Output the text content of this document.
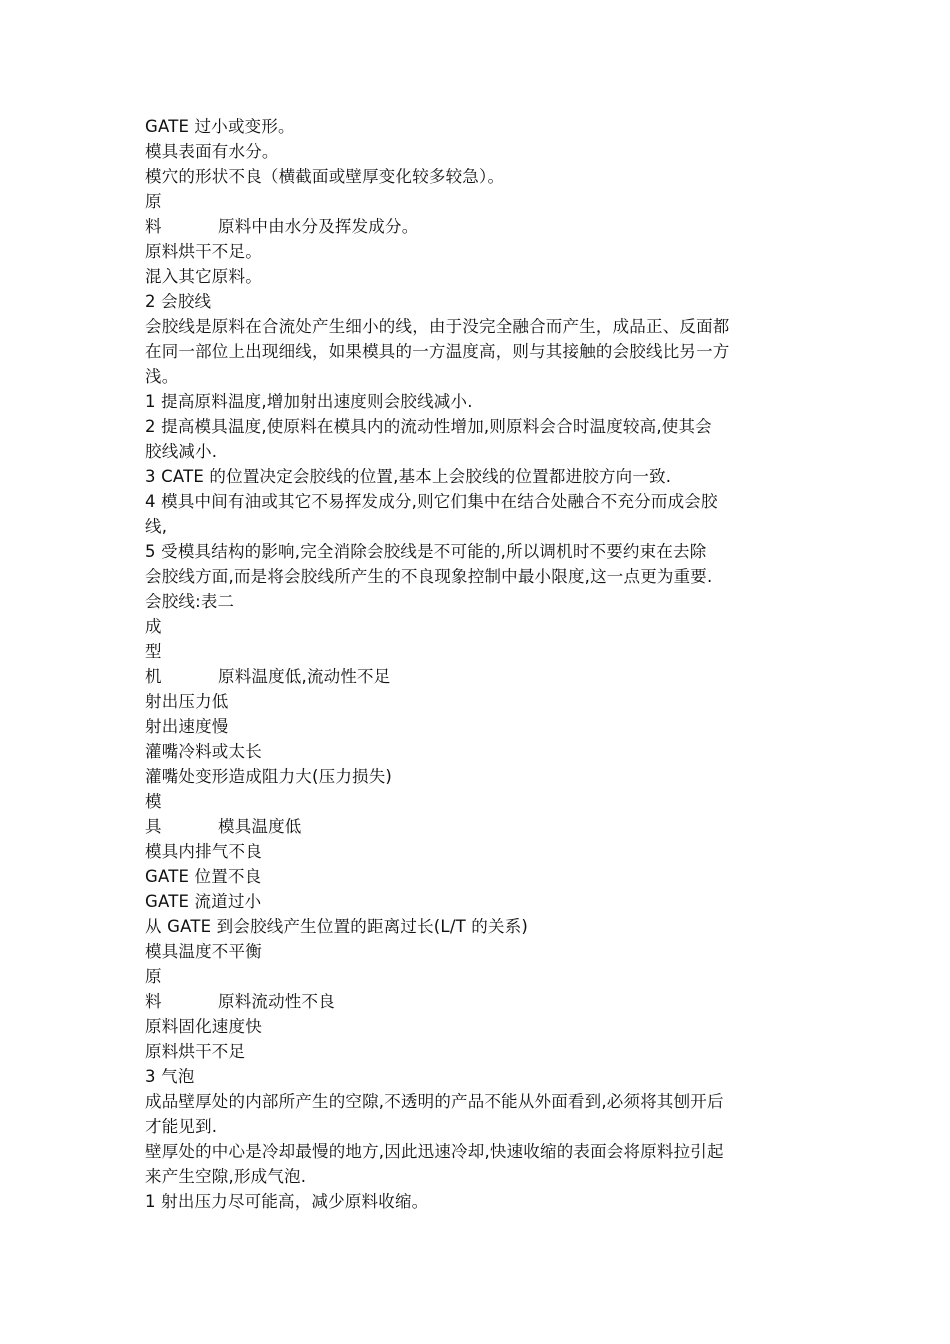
GATE 过小或变形。
模具表面有水分。
模穴的形状不良（横截面或壁厚变化较多较急）。
原
料	原料中由水分及挥发成分。
原料烘干不足。
混入其它原料。
2 会胶线
会胶线是原料在合流处产生细小的线，由于没完全融合而产生，成品正、反面都
在同一部位上出现细线，如果模具的一方温度高，则与其接触的会胶线比另一方
浅。
1 提高原料温度,增加射出速度则会胶线减小.
2 提高模具温度,使原料在模具内的流动性增加,则原料会合时温度较高,使其会
胶线减小.
3 CATE 的位置决定会胶线的位置,基本上会胶线的位置都进胶方向一致.
4 模具中间有油或其它不易挥发成分,则它们集中在结合处融合不充分而成会胶
线,
5 受模具结构的影响,完全消除会胶线是不可能的,所以调机时不要约束在去除
会胶线方面,而是将会胶线所产生的不良现象控制中最小限度,这一点更为重要.
会胶线:表二
成
型
机	原料温度低,流动性不足
射出压力低
射出速度慢
灌嘴冷料或太长
灌嘴处变形造成阻力大(压力损失)
模
具	模具温度低
模具内排气不良
GATE 位置不良
GATE 流道过小
从 GATE 到会胶线产生位置的距离过长(L/T 的关系)
模具温度不平衡
原
料	原料流动性不良
原料固化速度快
原料烘干不足
3 气泡
成品壁厚处的内部所产生的空隙,不透明的产品不能从外面看到,必须将其刨开后
才能见到.
壁厚处的中心是冷却最慢的地方,因此迅速冷却,快速收缩的表面会将原料拉引起
来产生空隙,形成气泡.
1 射出压力尽可能高，减少原料收缩。
